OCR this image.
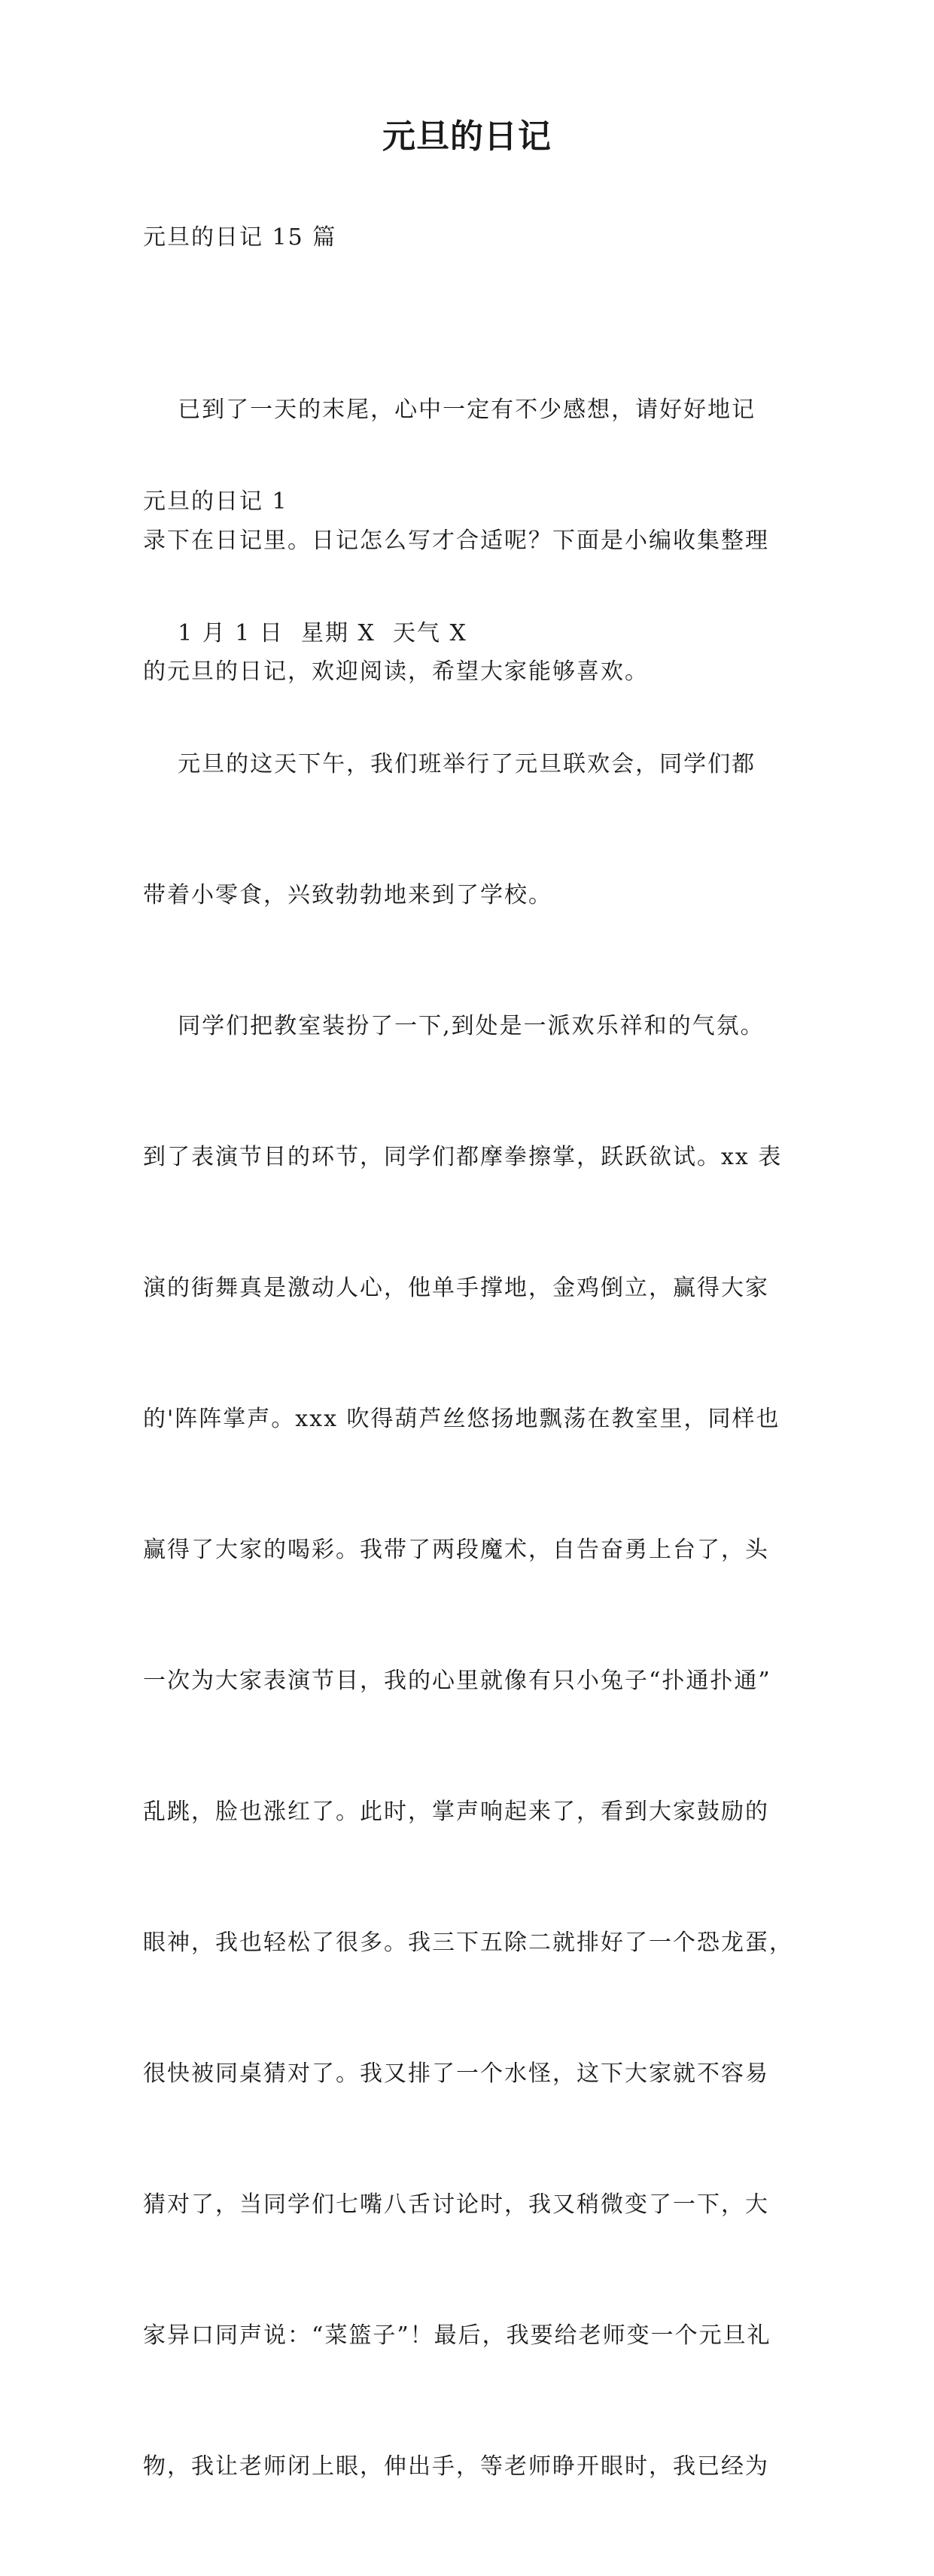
元旦的日记
元旦的日记 15 篇

已到了一天的末尾，心中一定有不少感想，请好好地记

录下在日记里。日记怎么写才合适呢？下面是小编收集整理

的元旦的日记，欢迎阅读，希望大家能够喜欢。

元旦的日记 1

1 月 1 日  星期 X  天气 X

元旦的这天下午，我们班举行了元旦联欢会，同学们都

带着小零食，兴致勃勃地来到了学校。

同学们把教室装扮了一下,到处是一派欢乐祥和的气氛。

到了表演节目的环节，同学们都摩拳擦掌，跃跃欲试。xx 表

演的街舞真是激动人心，他单手撑地，金鸡倒立，赢得大家

的'阵阵掌声。xxx 吹得葫芦丝悠扬地飘荡在教室里，同样也

赢得了大家的喝彩。我带了两段魔术，自告奋勇上台了，头

一次为大家表演节目，我的心里就像有只小兔子“扑通扑通”

乱跳，脸也涨红了。此时，掌声响起来了，看到大家鼓励的

眼神，我也轻松了很多。我三下五除二就排好了一个恐龙蛋，

很快被同桌猜对了。我又排了一个水怪，这下大家就不容易

猜对了，当同学们七嘴八舌讨论时，我又稍微变了一下，大

家异口同声说：“菜篮子”！最后，我要给老师变一个元旦礼

物，我让老师闭上眼，伸出手，等老师睁开眼时，我已经为
